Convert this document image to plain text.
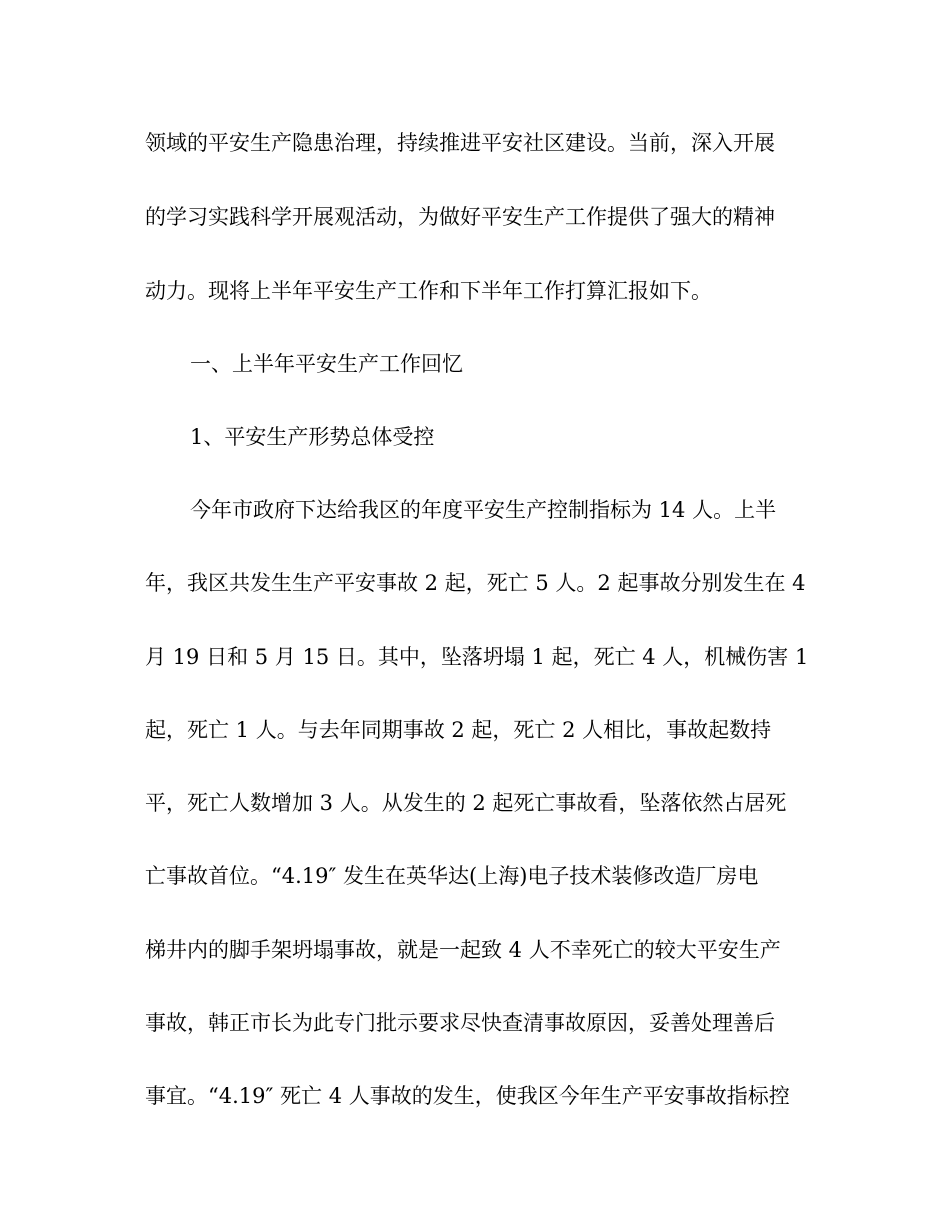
领域的平安生产隐患治理，持续推进平安社区建设。当前，深入开展
的学习实践科学开展观活动，为做好平安生产工作提供了强大的精神
动力。现将上半年平安生产工作和下半年工作打算汇报如下。
一、上半年平安生产工作回忆
1、平安生产形势总体受控
今年市政府下达给我区的年度平安生产控制指标为 14 人。上半
年，我区共发生生产平安事故 2 起，死亡 5 人。2 起事故分别发生在 4
月 19 日和 5 月 15 日。其中，坠落坍塌 1 起，死亡 4 人，机械伤害 1
起，死亡 1 人。与去年同期事故 2 起，死亡 2 人相比，事故起数持
平，死亡人数增加 3 人。从发生的 2 起死亡事故看，坠落依然占居死
亡事故首位。“4.19″ 发生在英华达(上海)电子技术装修改造厂房电
梯井内的脚手架坍塌事故，就是一起致 4 人不幸死亡的较大平安生产
事故，韩正市长为此专门批示要求尽快查清事故原因，妥善处理善后
事宜。“4.19″ 死亡 4 人事故的发生，使我区今年生产平安事故指标控
